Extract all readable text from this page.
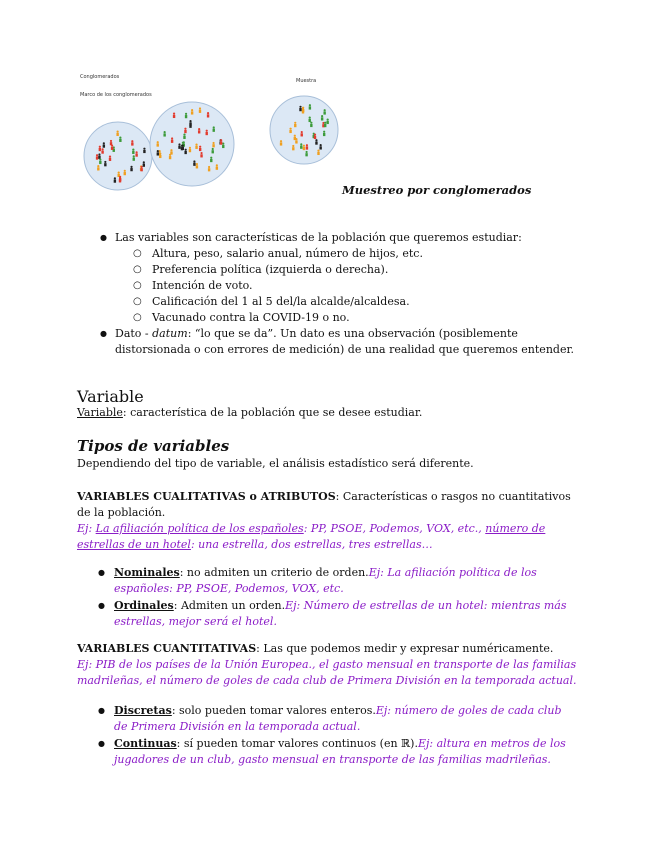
Conglomerados
Marco de los conglomerados
Muestra
Muestreo por conglomerados
● Las variables son características de la población que queremos estudiar:
○ Altura, peso, salario anual, número de hijos, etc.
○ Preferencia política (izquierda o derecha).
○ Intención de voto.
○ Calificación del 1 al 5 del/la alcalde/alcaldesa.
○ Vacunado contra la COVID-19 o no.
● Dato - datum: “lo que se da”. Un dato es una observación (posiblemente distorsionada o con errores de medición) de una realidad que queremos entender.
Variable
Variable: característica de la población que se desee estudiar.
Tipos de variables
Dependiendo del tipo de variable, el análisis estadístico será diferente.
VARIABLES CUALITATIVAS o ATRIBUTOS: Características o rasgos no cuantitativos de la población.
Ej: La afiliación política de los españoles: PP, PSOE, Podemos, VOX, etc., número de estrellas de un hotel: una estrella, dos estrellas, tres estrellas…
● Nominales: no admiten un criterio de orden.Ej: La afiliación política de los españoles: PP, PSOE, Podemos, VOX, etc.
● Ordinales: Admiten un orden.Ej: Número de estrellas de un hotel: mientras más estrellas, mejor será el hotel.
VARIABLES CUANTITATIVAS: Las que podemos medir y expresar numéricamente.
Ej: PIB de los países de la Unión Europea., el gasto mensual en transporte de las familias madrileñas, el número de goles de cada club de Primera División en la temporada actual.
● Discretas: solo pueden tomar valores enteros.Ej: número de goles de cada club de Primera División en la temporada actual.
● Continuas: sí pueden tomar valores continuos (en ℝ).Ej: altura en metros de los jugadores de un club, gasto mensual en transporte de las familias madrileñas.
